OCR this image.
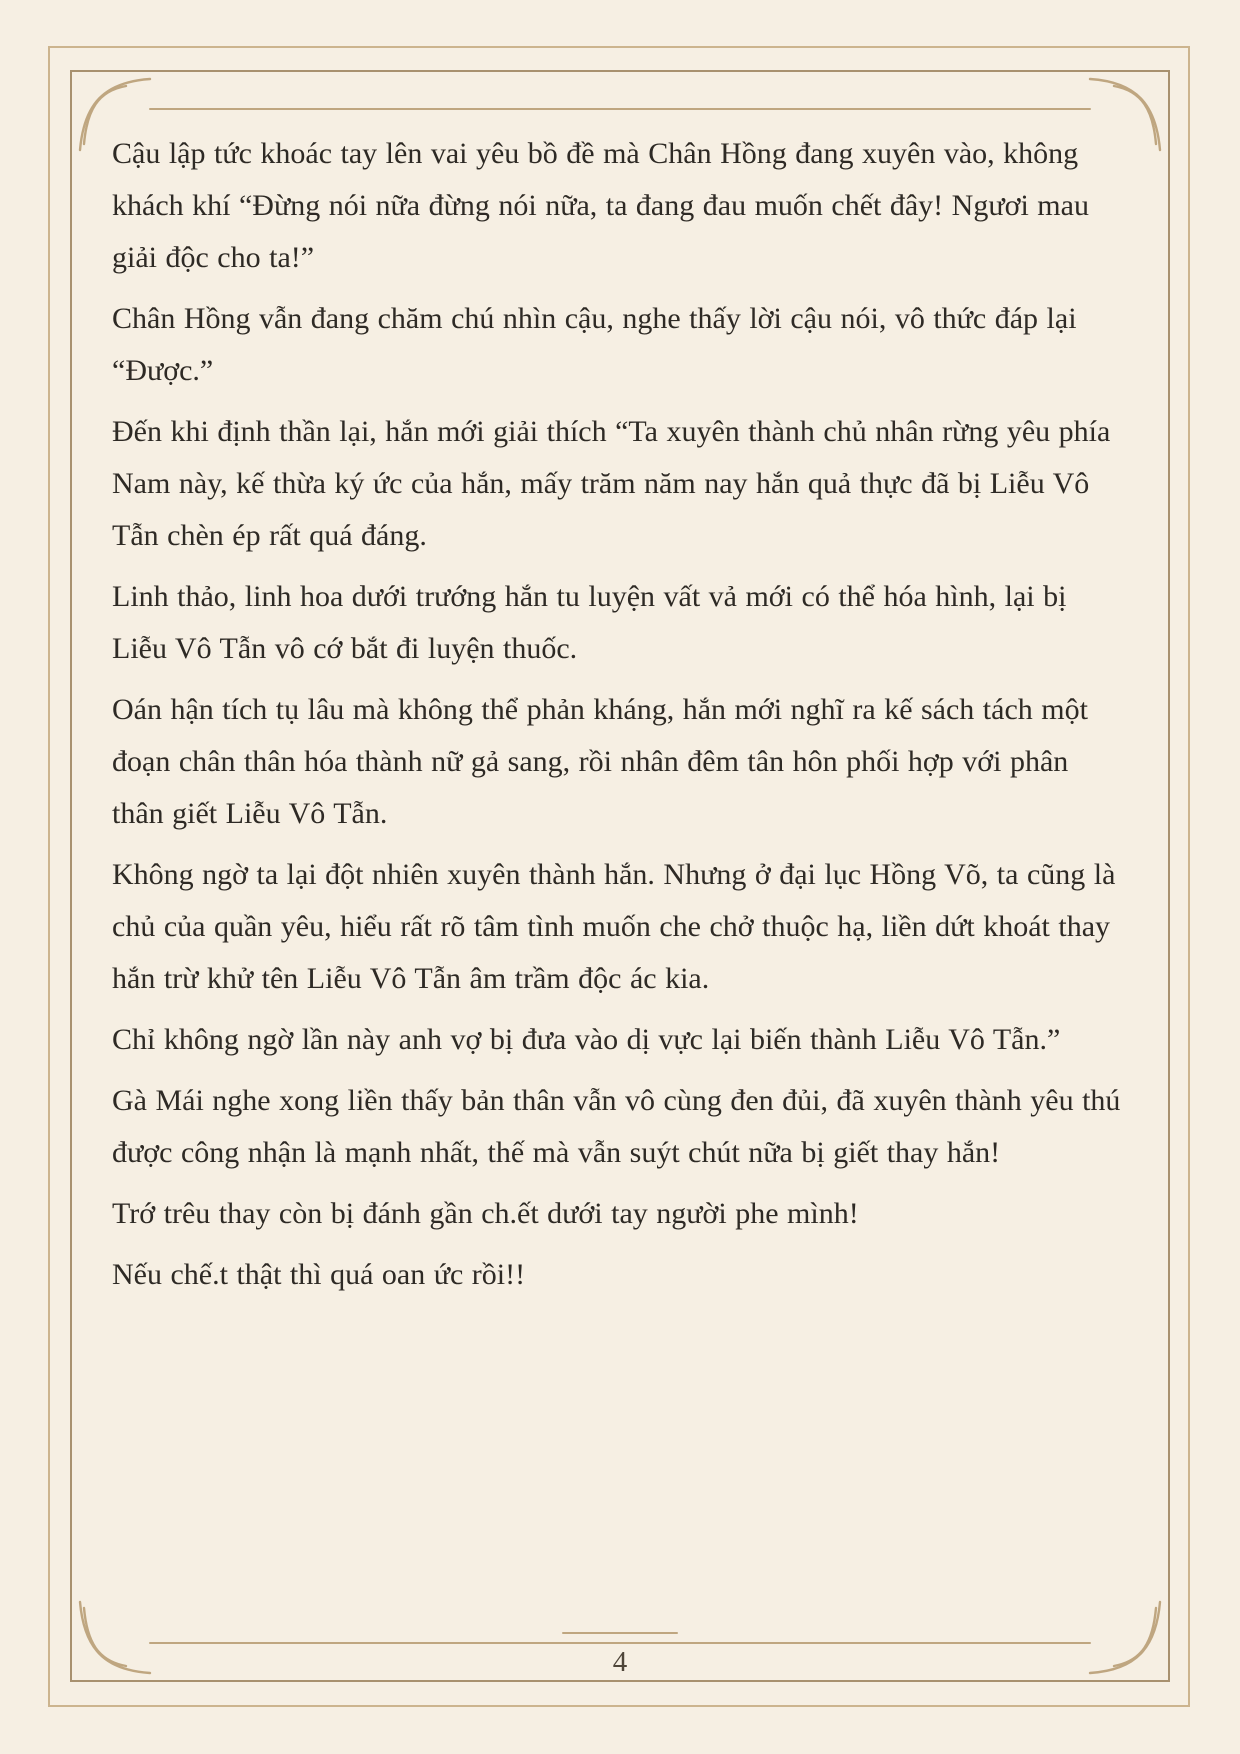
Cậu lập tức khoác tay lên vai yêu bồ đề mà Chân Hồng đang xuyên vào, không khách khí “Đừng nói nữa đừng nói nữa, ta đang đau muốn chết đây! Ngươi mau giải độc cho ta!”

Chân Hồng vẫn đang chăm chú nhìn cậu, nghe thấy lời cậu nói, vô thức đáp lại “Được.”

Đến khi định thần lại, hắn mới giải thích “Ta xuyên thành chủ nhân rừng yêu phía Nam này, kế thừa ký ức của hắn, mấy trăm năm nay hắn quả thực đã bị Liễu Vô Tẫn chèn ép rất quá đáng.

Linh thảo, linh hoa dưới trướng hắn tu luyện vất vả mới có thể hóa hình, lại bị Liễu Vô Tẫn vô cớ bắt đi luyện thuốc.

Oán hận tích tụ lâu mà không thể phản kháng, hắn mới nghĩ ra kế sách tách một đoạn chân thân hóa thành nữ gả sang, rồi nhân đêm tân hôn phối hợp với phân thân giết Liễu Vô Tẫn.

Không ngờ ta lại đột nhiên xuyên thành hắn. Nhưng ở đại lục Hồng Võ, ta cũng là chủ của quần yêu, hiểu rất rõ tâm tình muốn che chở thuộc hạ, liền dứt khoát thay hắn trừ khử tên Liễu Vô Tẫn âm trầm độc ác kia.

Chỉ không ngờ lần này anh vợ bị đưa vào dị vực lại biến thành Liễu Vô Tẫn.”

Gà Mái nghe xong liền thấy bản thân vẫn vô cùng đen đủi, đã xuyên thành yêu thú được công nhận là mạnh nhất, thế mà vẫn suýt chút nữa bị giết thay hắn!

Trớ trêu thay còn bị đánh gần ch.ết dưới tay người phe mình!

Nếu chế.t thật thì quá oan ức rồi!!

4
